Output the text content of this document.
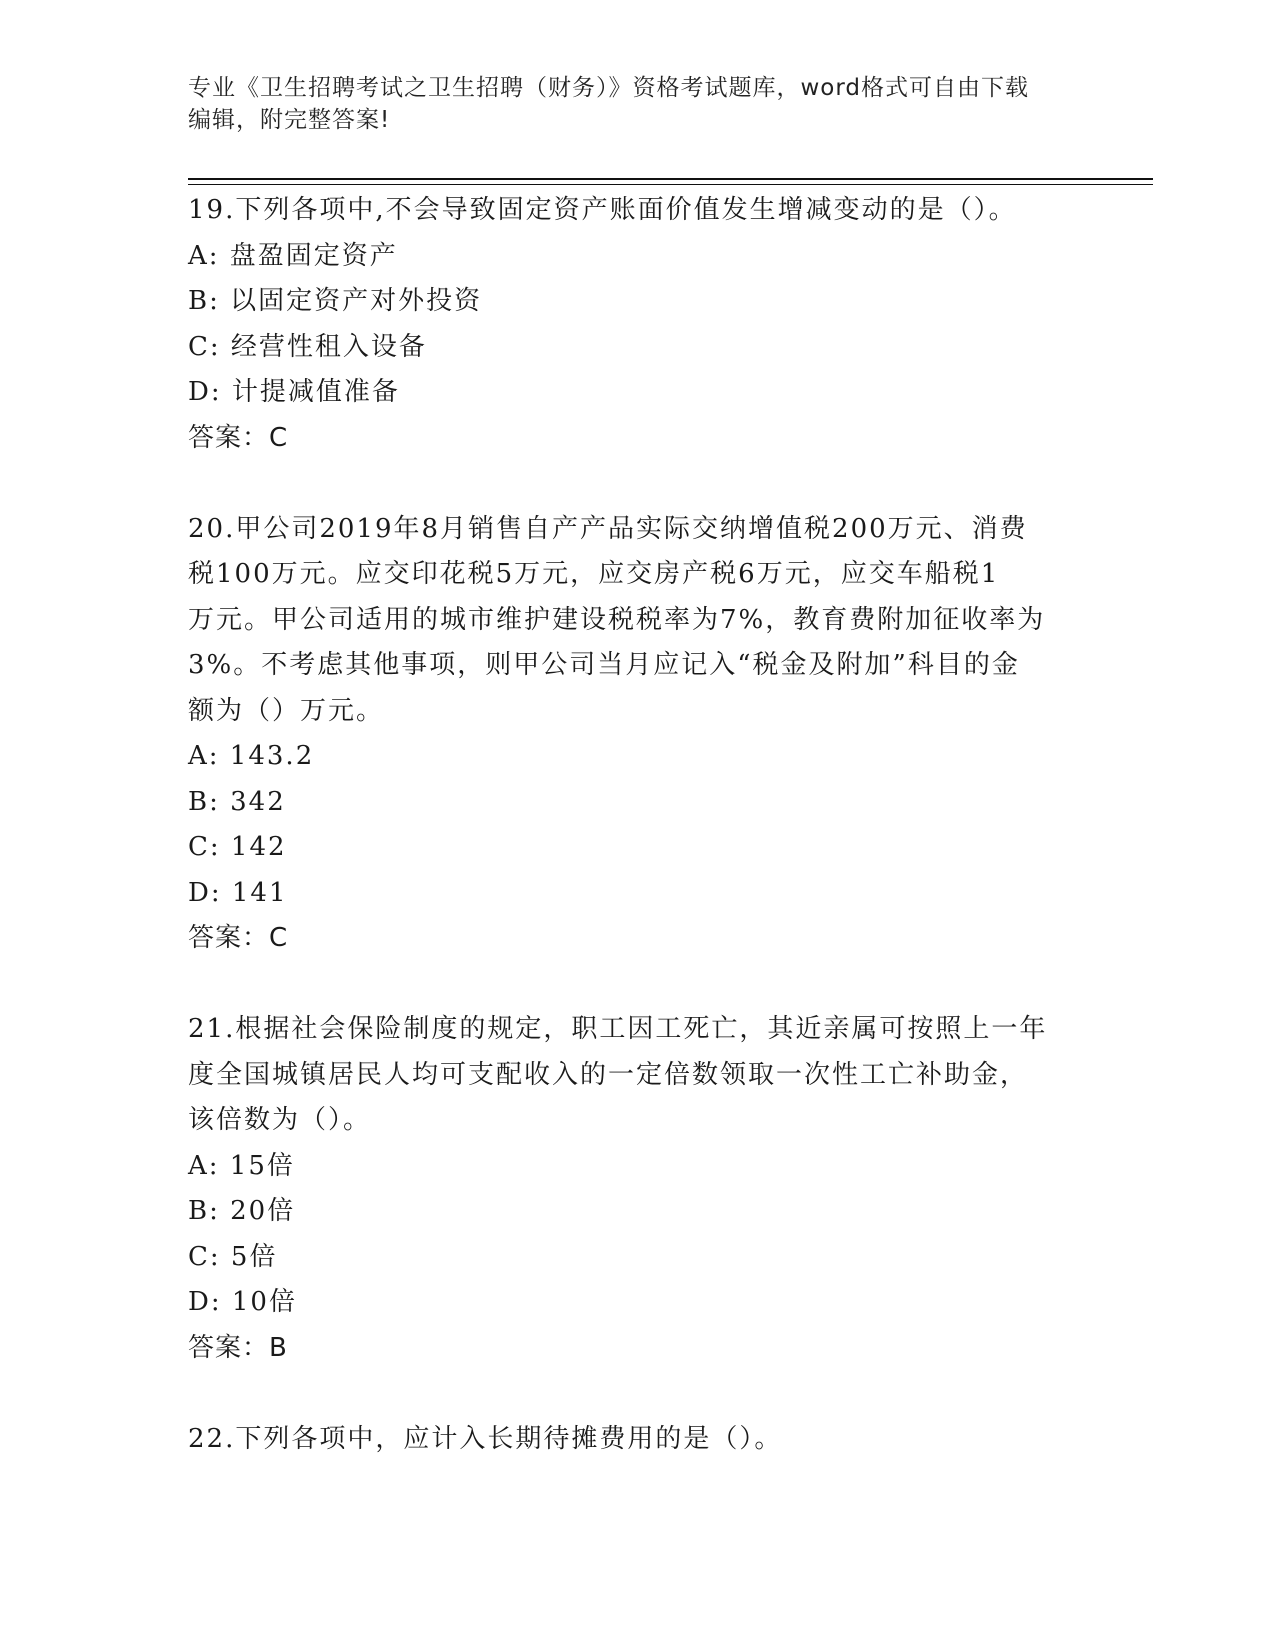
专业《卫生招聘考试之卫生招聘（财务）》资格考试题库，word格式可自由下载
编辑，附完整答案!
19.下列各项中,不会导致固定资产账面价值发生增减变动的是（）。
A: 盘盈固定资产
B: 以固定资产对外投资
C: 经营性租入设备
D: 计提减值准备
答案：C
20.甲公司2019年8月销售自产产品实际交纳增值税200万元、消费
税100万元。应交印花税5万元，应交房产税6万元，应交车船税1
万元。甲公司适用的城市维护建设税税率为7%，教育费附加征收率为
3%。不考虑其他事项，则甲公司当月应记入“税金及附加”科目的金
额为（）万元。
A: 143.2
B: 342
C: 142
D: 141
答案：C
21.根据社会保险制度的规定，职工因工死亡，其近亲属可按照上一年
度全国城镇居民人均可支配收入的一定倍数领取一次性工亡补助金，
该倍数为（）。
A: 15倍
B: 20倍
C: 5倍
D: 10倍
答案：B
22.下列各项中，应计入长期待摊费用的是（）。
